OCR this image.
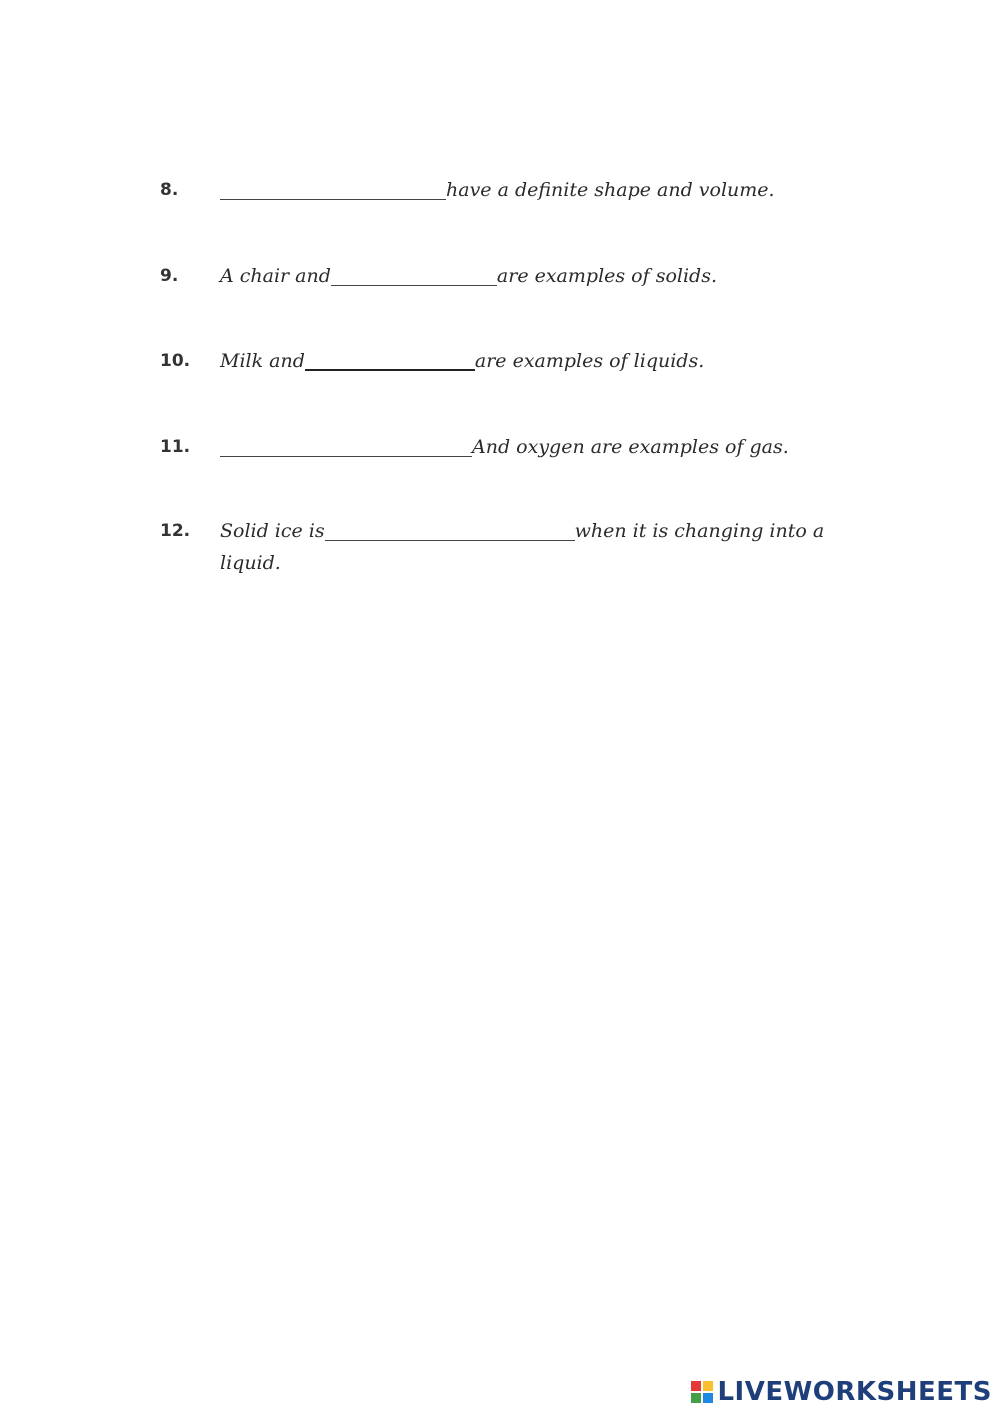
8.	have a definite shape and volume.
9. A chair and	are examples of solids.
10. Milk and	are examples of liquids.
11.	And oxygen are examples of gas.
12. Solid ice is	when it is changing into a
liquid.
LIVEWORKSHEETS
